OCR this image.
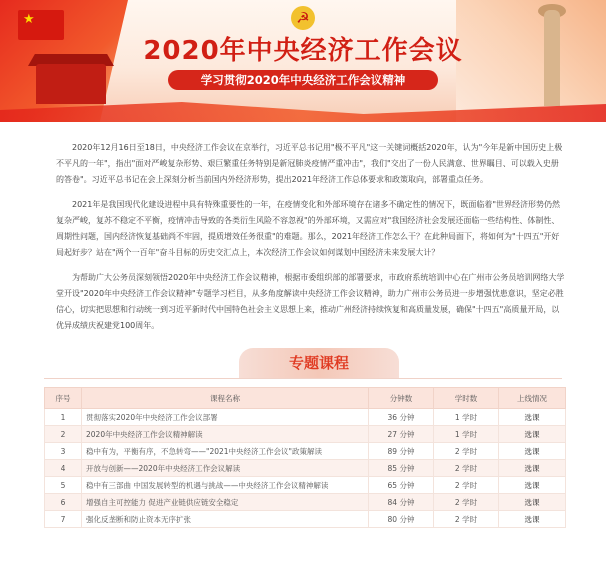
★	☭
2020年中央经济工作会议
学习贯彻2020年中央经济工作会议精神

2020年12月16日至18日，中央经济工作会议在京举行，习近平总书记用"极不平凡"这一关键词概括2020年，认为"今年是新中国历史上极不平凡的一年"，指出"面对严峻复杂形势、艰巨繁重任务特别是新冠肺炎疫情严重冲击"，我们"交出了一份人民满意、世界瞩目、可以载入史册的答卷"。习近平总书记在会上深刻分析当前国内外经济形势，提出2021年经济工作总体要求和政策取向，部署重点任务。

2021年是我国现代化建设进程中具有特殊重要性的一年，在疫情变化和外部环境存在诸多不确定性的情况下，既面临着"世界经济形势仍然复杂严峻，复苏不稳定不平衡，疫情冲击导致的各类衍生风险不容忽视"的外部环境，又需应对"我国经济社会发展还面临一些结构性、体制性、周期性问题，国内经济恢复基础尚不牢固，提质增效任务很重"的难题。那么，2021年经济工作怎么干？在此种局面下，将如何为"十四五"开好局起好步？站在"两个一百年"奋斗目标的历史交汇点上，本次经济工作会议如何谋划中国经济未来发展大计？

为帮助广大公务员深刻领悟2020年中央经济工作会议精神，根据市委组织部的部署要求，市政府系统培训中心在广州市公务员培训网络大学堂开设"2020年中央经济工作会议精神"专题学习栏目，从多角度解读中央经济工作会议精神，助力广州市公务员进一步增强忧患意识，坚定必胜信心，切实把思想和行动统一到习近平新时代中国特色社会主义思想上来，推动广州经济持续恢复和高质量发展，确保"十四五"高质量开局，以优异成绩庆祝建党100周年。

专题课程
序号	课程名称	分钟数	学时数	上线情况
1	贯彻落实2020年中央经济工作会议部署	36 分钟	1 学时	选课
2	2020年中央经济工作会议精神解读	27 分钟	1 学时	选课
3	稳中有为，平衡有序，不急转弯——"2021中央经济工作会议"政策解读	89 分钟	2 学时	选课
4	开放与创新——2020年中央经济工作会议解读	85 分钟	2 学时	选课
5	稳中有三部曲 中国发展转型的机遇与挑战——中央经济工作会议精神解读	65 分钟	2 学时	选课
6	增强自主可控能力 促进产业链供应链安全稳定	84 分钟	2 学时	选课
7	强化反垄断和防止资本无序扩张	80 分钟	2 学时	选课
